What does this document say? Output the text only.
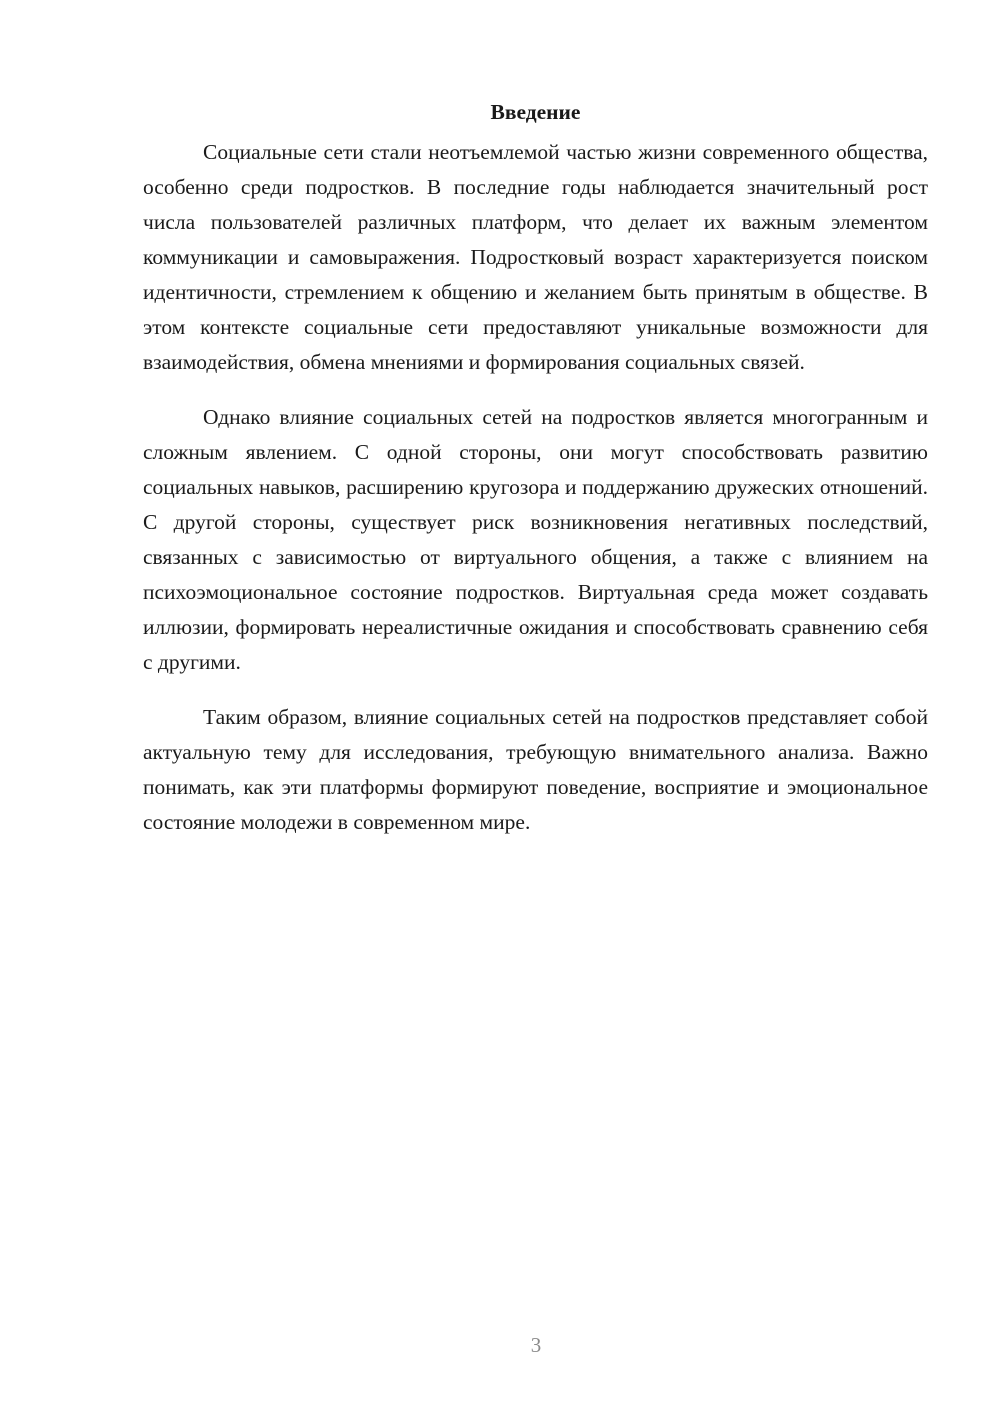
Введение

Социальные сети стали неотъемлемой частью жизни современного общества, особенно среди подростков. В последние годы наблюдается значительный рост числа пользователей различных платформ, что делает их важным элементом коммуникации и самовыражения. Подростковый возраст характеризуется поиском идентичности, стремлением к общению и желанием быть принятым в обществе. В этом контексте социальные сети предоставляют уникальные возможности для взаимодействия, обмена мнениями и формирования социальных связей.

Однако влияние социальных сетей на подростков является многогранным и сложным явлением. С одной стороны, они могут способствовать развитию социальных навыков, расширению кругозора и поддержанию дружеских отношений. С другой стороны, существует риск возникновения негативных последствий, связанных с зависимостью от виртуального общения, а также с влиянием на психоэмоциональное состояние подростков. Виртуальная среда может создавать иллюзии, формировать нереалистичные ожидания и способствовать сравнению себя с другими.

Таким образом, влияние социальных сетей на подростков представляет собой актуальную тему для исследования, требующую внимательного анализа. Важно понимать, как эти платформы формируют поведение, восприятие и эмоциональное состояние молодежи в современном мире.

3
